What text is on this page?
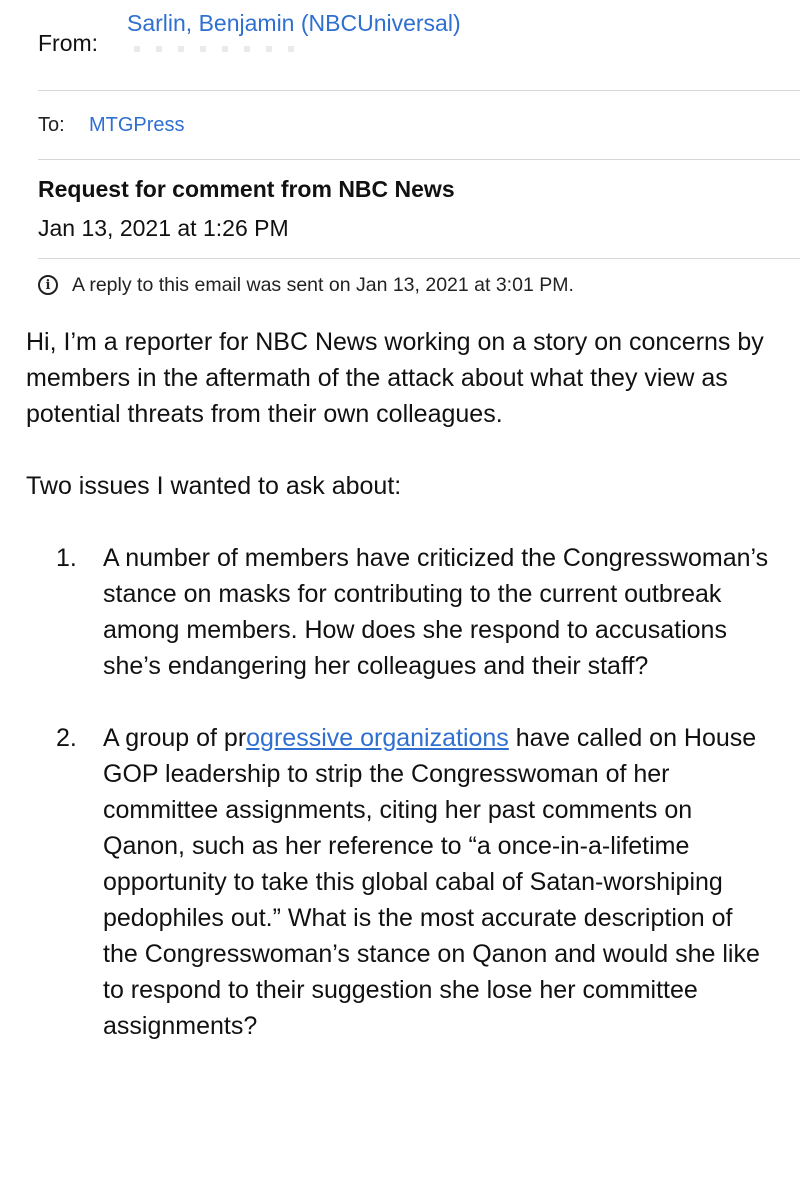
From:
Sarlin, Benjamin (NBCUniversal)
To: MTGPress
Request for comment from NBC News
Jan 13, 2021 at 1:26 PM
i	A reply to this email was sent on Jan 13, 2021 at 3:01 PM.

Hi, I’m a reporter for NBC News working on a story on concerns by members in the aftermath of the attack about what they view as potential threats from their own colleagues.

Two issues I wanted to ask about:

1. A number of members have criticized the Congresswoman’s stance on masks for contributing to the current outbreak among members. How does she respond to accusations she’s endangering her colleagues and their staff?
2. A group of progressive organizations have called on House GOP leadership to strip the Congresswoman of her committee assignments, citing her past comments on Qanon, such as her reference to “a once-in-a-lifetime opportunity to take this global cabal of Satan-worshiping pedophiles out.” What is the most accurate description of the Congresswoman’s stance on Qanon and would she like to respond to their suggestion she lose her committee assignments?
